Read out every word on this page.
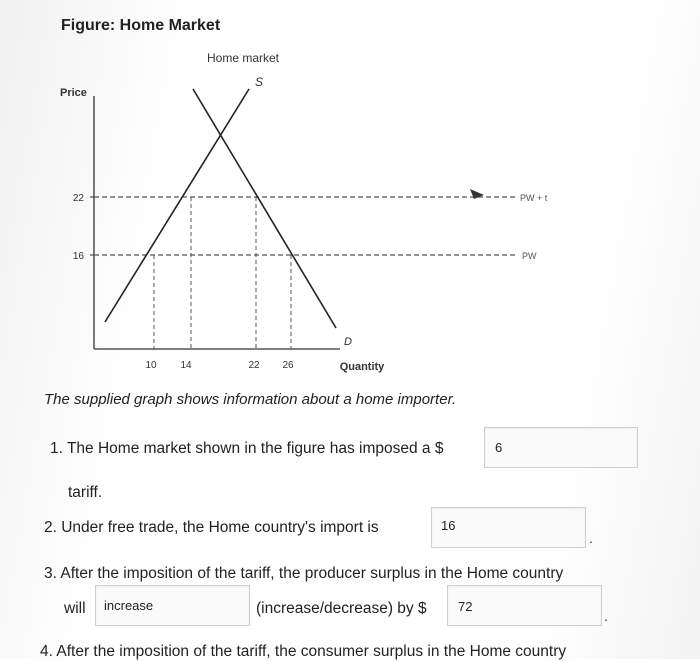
Figure: Home Market
Home market
S
Price
22
16
PW + t
PW
D
10 14	22 26	Quantity
The supplied graph shows information about a home importer.
1. The Home market shown in the figure has imposed a $	6
tariff.
2. Under free trade, the Home country's import is	16
.
3. After the imposition of the tariff, the producer surplus in the Home country
will increase	(increase/decrease) by $ 72
.
4. After the imposition of the tariff, the consumer surplus in the Home country
